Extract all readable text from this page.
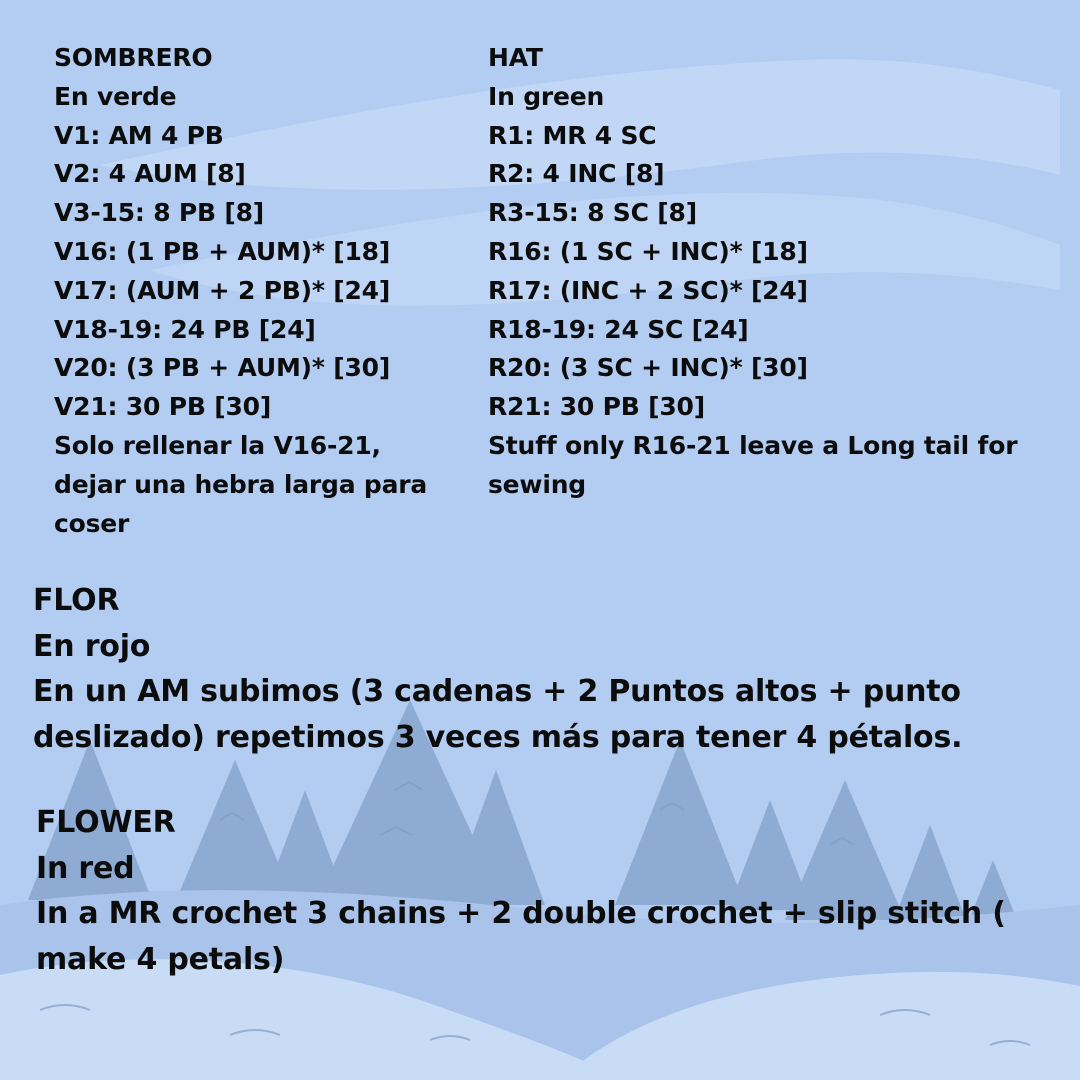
SOMBRERO
En verde
V1: AM 4 PB
V2: 4 AUM [8]
V3-15: 8 PB [8]
V16: (1 PB + AUM)* [18]
V17: (AUM + 2 PB)* [24]
V18-19: 24 PB [24]
V20: (3 PB + AUM)* [30]
V21: 30 PB [30]
Solo rellenar la V16-21, dejar una hebra larga para coser
HAT
In green
R1: MR 4 SC
R2: 4 INC [8]
R3-15: 8 SC [8]
R16: (1 SC + INC)* [18]
R17: (INC + 2 SC)* [24]
R18-19: 24 SC [24]
R20: (3 SC + INC)* [30]
R21: 30 PB [30]
Stuff only R16-21 leave a Long tail for sewing
FLOR
En rojo
En un AM subimos (3 cadenas + 2 Puntos altos + punto
deslizado) repetimos 3 veces más para tener 4 pétalos.
FLOWER
In red
In a MR crochet 3 chains + 2 double crochet + slip stitch (
make 4 petals)
